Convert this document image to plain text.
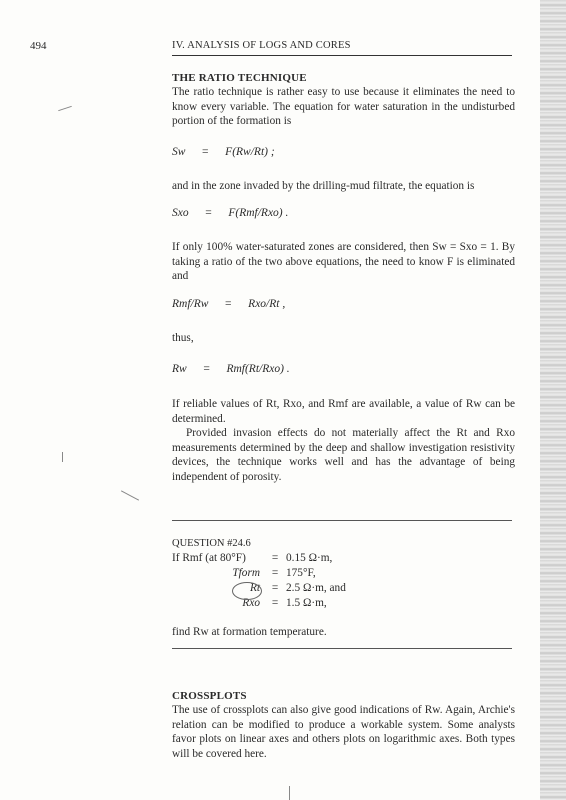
494	IV. ANALYSIS OF LOGS AND CORES
THE RATIO TECHNIQUE
The ratio technique is rather easy to use because it eliminates the need to know every variable. The equation for water saturation in the undisturbed portion of the formation is
Sw = F(Rw/Rt) ;
and in the zone invaded by the drilling-mud filtrate, the equation is
Sxo = F(Rmf/Rxo) .
If only 100% water-saturated zones are considered, then Sw = Sxo = 1. By taking a ratio of the two above equations, the need to know F is eliminated and
Rmf/Rw = Rxo/Rt ,
thus,
Rw = Rmf(Rt/Rxo) .
If reliable values of Rt, Rxo, and Rmf are available, a value of Rw can be determined.
Provided invasion effects do not materially affect the Rt and Rxo measurements determined by the deep and shallow investigation resistivity devices, the technique works well and has the advantage of being independent of porosity.
QUESTION #24.6
If Rmf (at 80°F)	=	0.15 Ω·m,
Tform	=	175°F,
Rt	=	2.5 Ω·m, and
Rxo	=	1.5 Ω·m,
find Rw at formation temperature.
CROSSPLOTS
The use of crossplots can also give good indications of Rw. Again, Archie's relation can be modified to produce a workable system. Some analysts favor plots on linear axes and others plots on logarithmic axes. Both types will be covered here.
